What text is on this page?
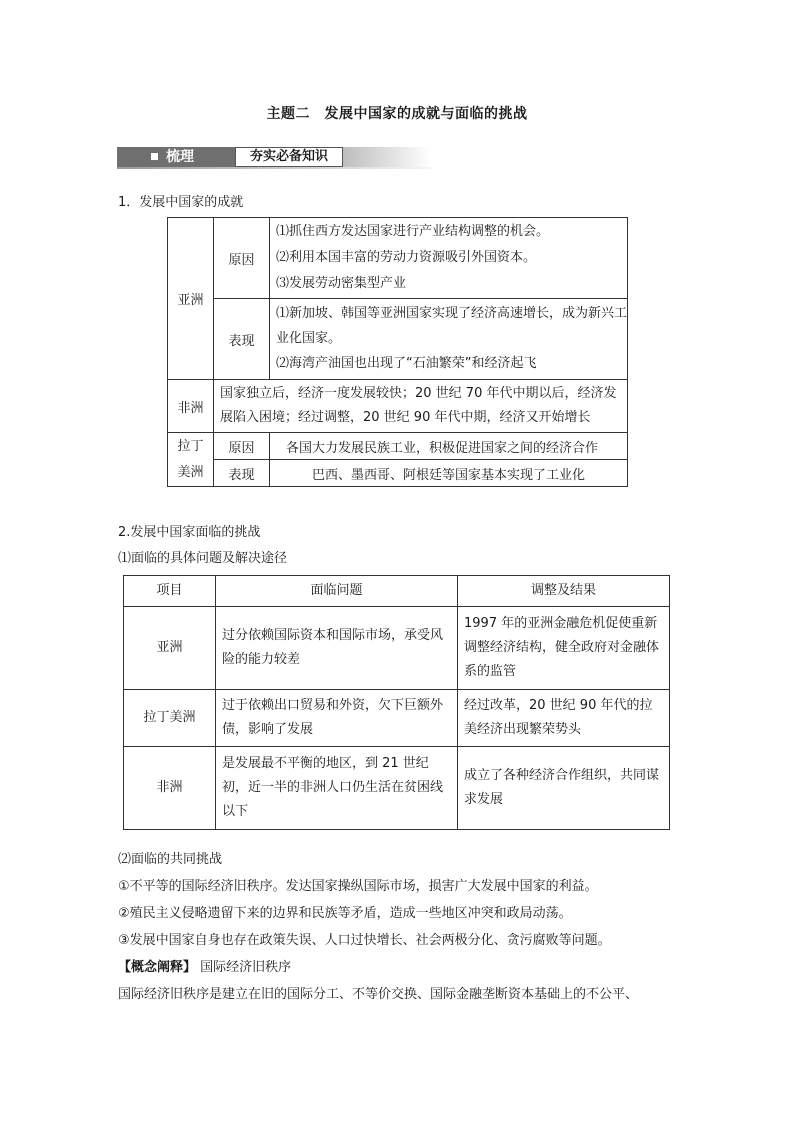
主题二　发展中国家的成就与面临的挑战
梳理	夯实必备知识
1．发展中国家的成就
亚洲	原因	⑴抓住西方发达国家进行产业结构调整的机会。

⑵利用本国丰富的劳动力资源吸引外国资本。

⑶发展劳动密集型产业

	表现	⑴新加坡、韩国等亚洲国家实现了经济高速增长，成为新兴工业化国家。

⑵海湾产油国也出现了“石油繁荣”和经济起飞

非洲	国家独立后，经济一度发展较快；20 世纪 70 年代中期以后，经济发展陷入困境；经过调整，20 世纪 90 年代中期，经济又开始增长	
拉丁
美洲	原因	各国大力发展民族工业，积极促进国家之间的经济合作
	表现	巴西、墨西哥、阿根廷等国家基本实现了工业化
2.发展中国家面临的挑战
⑴面临的具体问题及解决途径
项目	面临问题	调整及结果
亚洲	过分依赖国际资本和国际市场，承受风险的能力较差	1997 年的亚洲金融危机促使重新调整经济结构，健全政府对金融体系的监管
拉丁美洲	过于依赖出口贸易和外资，欠下巨额外债，影响了发展	经过改革，20 世纪 90 年代的拉美经济出现繁荣势头
非洲	是发展最不平衡的地区，到 21 世纪初，近一半的非洲人口仍生活在贫困线以下	成立了各种经济合作组织，共同谋求发展
⑵面临的共同挑战
①不平等的国际经济旧秩序。发达国家操纵国际市场，损害广大发展中国家的利益。
②殖民主义侵略遗留下来的边界和民族等矛盾，造成一些地区冲突和政局动荡。
③发展中国家自身也存在政策失误、人口过快增长、社会两极分化、贪污腐败等问题。
【概念阐释】 国际经济旧秩序
国际经济旧秩序是建立在旧的国际分工、不等价交换、国际金融垄断资本基础上的不公平、
